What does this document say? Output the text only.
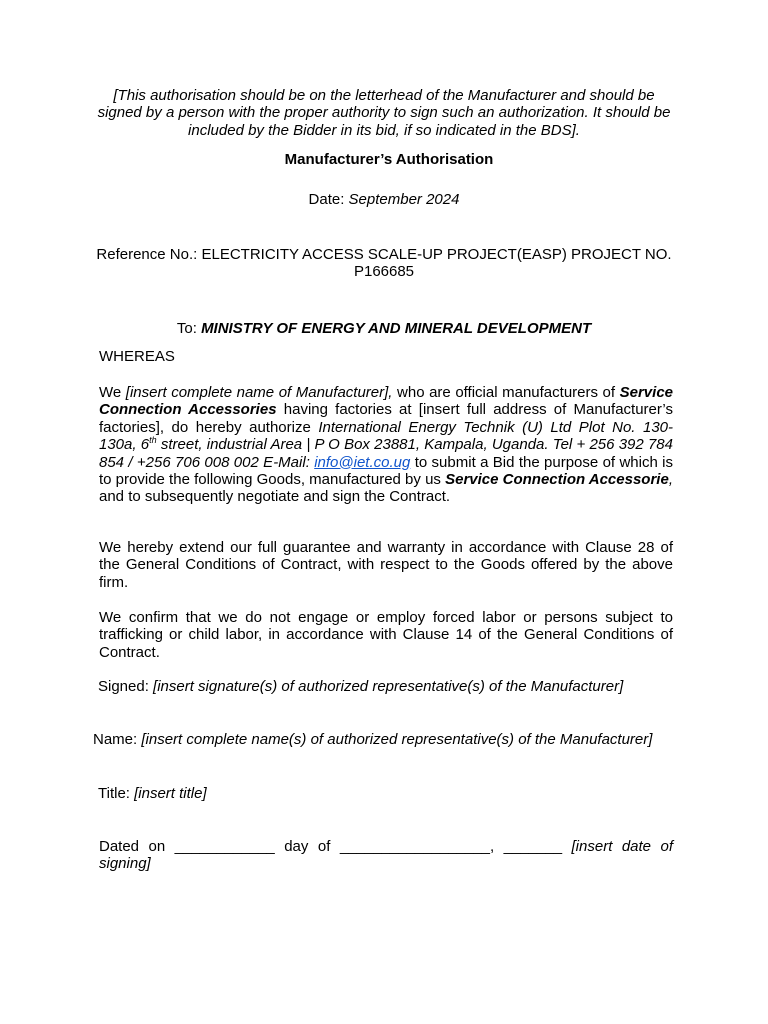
[This authorisation should be on the letterhead of the Manufacturer and should be signed by a person with the proper authority to sign such an authorization. It should be included by the Bidder in its bid, if so indicated in the BDS].
Manufacturer’s Authorisation
Date: September 2024
Reference No.: ELECTRICITY ACCESS SCALE-UP PROJECT(EASP) PROJECT NO. P166685
To: MINISTRY OF ENERGY AND MINERAL DEVELOPMENT
WHEREAS
We [insert complete name of Manufacturer], who are official manufacturers of Service Connection Accessories having factories at [insert full address of Manufacturer’s factories], do hereby authorize International Energy Technik (U) Ltd Plot No. 130-130a, 6th street, industrial Area | P O Box 23881, Kampala, Uganda. Tel + 256 392 784 854 / +256 706 008 002 E-Mail: info@iet.co.ug to submit a Bid the purpose of which is to provide the following Goods, manufactured by us Service Connection Accessorie, and to subsequently negotiate and sign the Contract.
We hereby extend our full guarantee and warranty in accordance with Clause 28 of the General Conditions of Contract, with respect to the Goods offered by the above firm.
We confirm that we do not engage or employ forced labor or persons subject to trafficking or child labor, in accordance with Clause 14 of the General Conditions of Contract.
Signed: [insert signature(s) of authorized representative(s) of the Manufacturer]
Name: [insert complete name(s) of authorized representative(s) of the Manufacturer]
Title: [insert title]
Dated on ____________ day of __________________, _______ [insert date of signing]
